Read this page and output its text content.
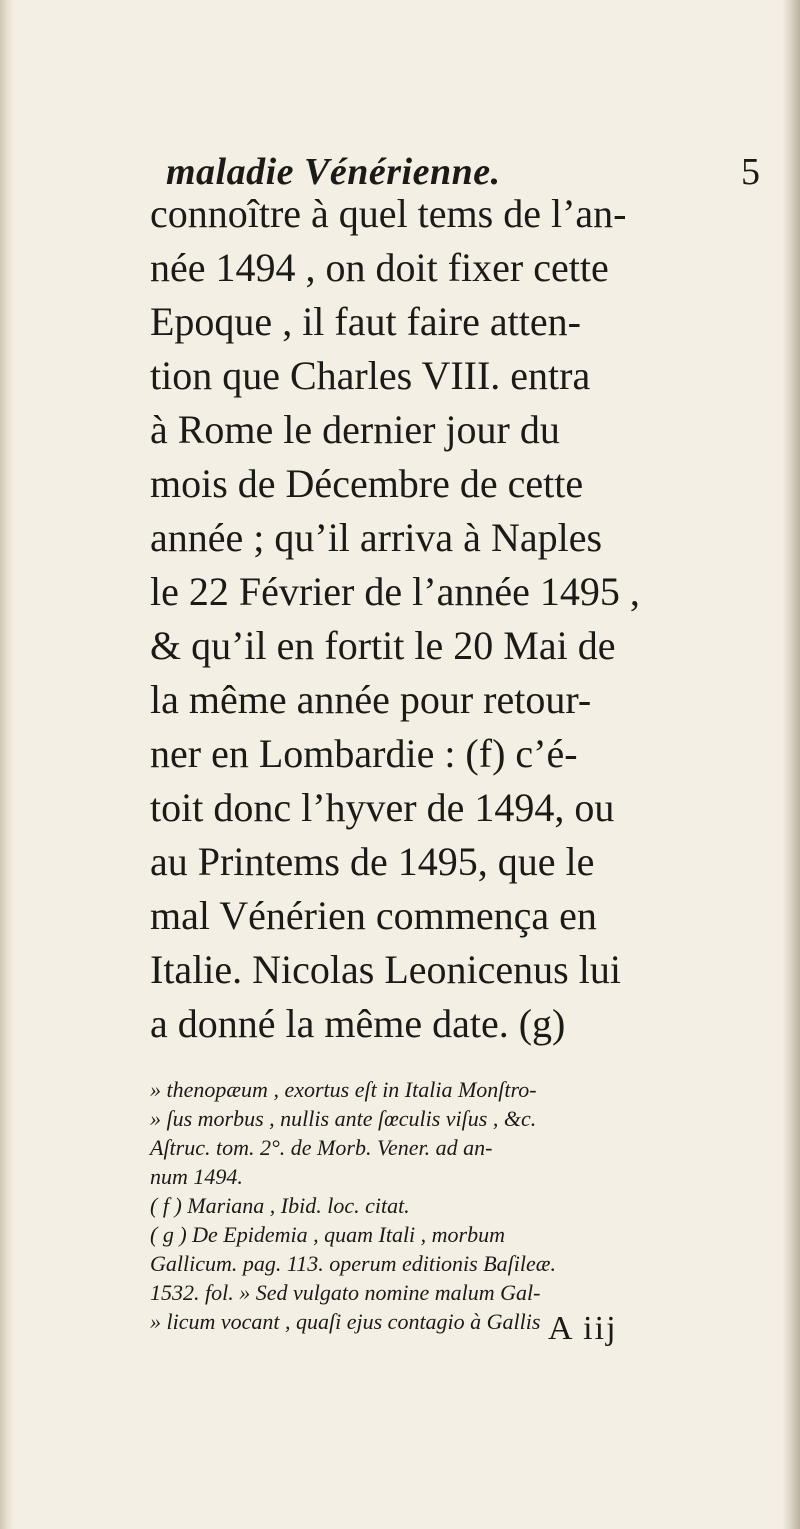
maladie Vénérienne.	5
connoître à quel tems de l’an-
née 1494 , on doit fixer cette
Epoque , il faut faire atten-
tion que Charles VIII. entra
à Rome le dernier jour du
mois de Décembre de cette
année ; qu’il arriva à Naples
le 22 Février de l’année 1495 ,
& qu’il en fortit le 20 Mai de
la même année pour retour-
ner en Lombardie : (f) c’é-
toit donc l’hyver de 1494, ou
au Printems de 1495, que le
mal Vénérien commença en
Italie. Nicolas Leonicenus lui
a donné la même date. (g)
» thenopæum , exortus eſt in Italia Monſtro-
» ſus morbus , nullis ante ſœculis viſus , &c.
Aſtruc. tom. 2°. de Morb. Vener. ad an-
num 1494.
( f ) Mariana , Ibid. loc. citat.
( g ) De Epidemia , quam Itali , morbum
Gallicum. pag. 113. operum editionis Baſileæ.
1532. fol. » Sed vulgato nomine malum Gal-
» licum vocant , quaſi ejus contagio à Gallis A iij
